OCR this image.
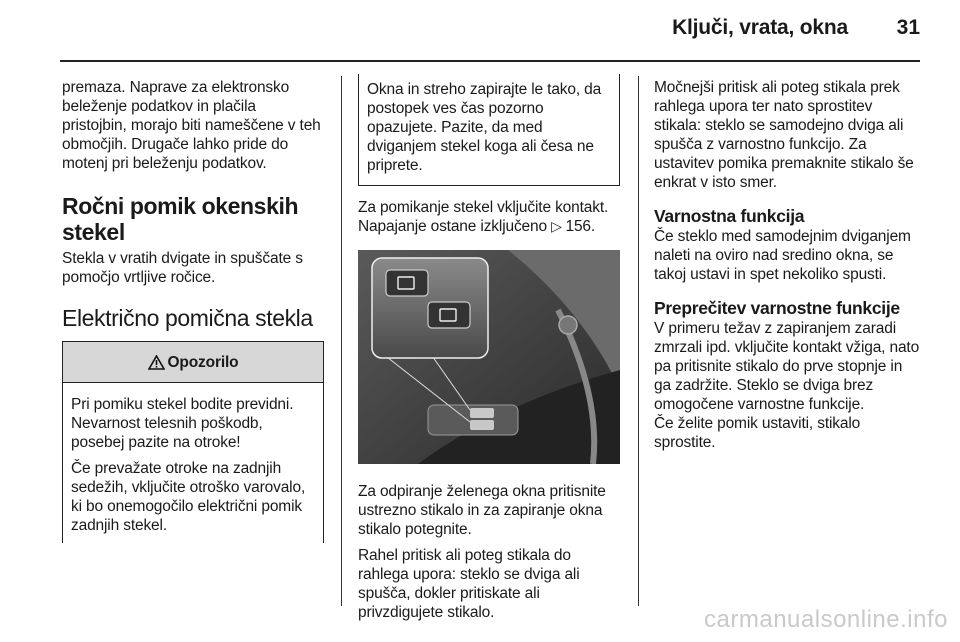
Ključi, vrata, okna 31

premaza. Naprave za elektronsko beleženje podatkov in plačila pristojbin, morajo biti nameščene v teh območjih. Drugače lahko pride do motenj pri beleženju podatkov.

Ročni pomik okenskih stekel

Stekla v vratih dvigate in spuščate s pomočjo vrtljive ročice.

Električno pomična stekla
Opozorilo

Pri pomiku stekel bodite previdni. Nevarnost telesnih poškodb, posebej pazite na otroke!

Če prevažate otroke na zadnjih sedežih, vključite otroško varovalo, ki bo onemogočilo električni pomik zadnjih stekel.

Okna in streho zapirajte le tako, da postopek ves čas pozorno opazujete. Pazite, da med dviganjem stekel koga ali česa ne priprete.

Za pomikanje stekel vključite kontakt. Napajanje ostane izključeno ▷ 156.

Za odpiranje želenega okna pritisnite ustrezno stikalo in za zapiranje okna stikalo potegnite.

Rahel pritisk ali poteg stikala do rahlega upora: steklo se dviga ali spušča, dokler pritiskate ali privzdigujete stikalo.

Močnejši pritisk ali poteg stikala prek rahlega upora ter nato sprostitev stikala: steklo se samodejno dviga ali spušča z varnostno funkcijo. Za ustavitev pomika premaknite stikalo še enkrat v isto smer.

Varnostna funkcija

Če steklo med samodejnim dviganjem naleti na oviro nad sredino okna, se takoj ustavi in spet nekoliko spusti.

Preprečitev varnostne funkcije

V primeru težav z zapiranjem zaradi zmrzali ipd. vključite kontakt vžiga, nato pa pritisnite stikalo do prve stopnje in ga zadržite. Steklo se dviga brez omogočene varnostne funkcije.

Če želite pomik ustaviti, stikalo sprostite.

carmanualsonline.info
